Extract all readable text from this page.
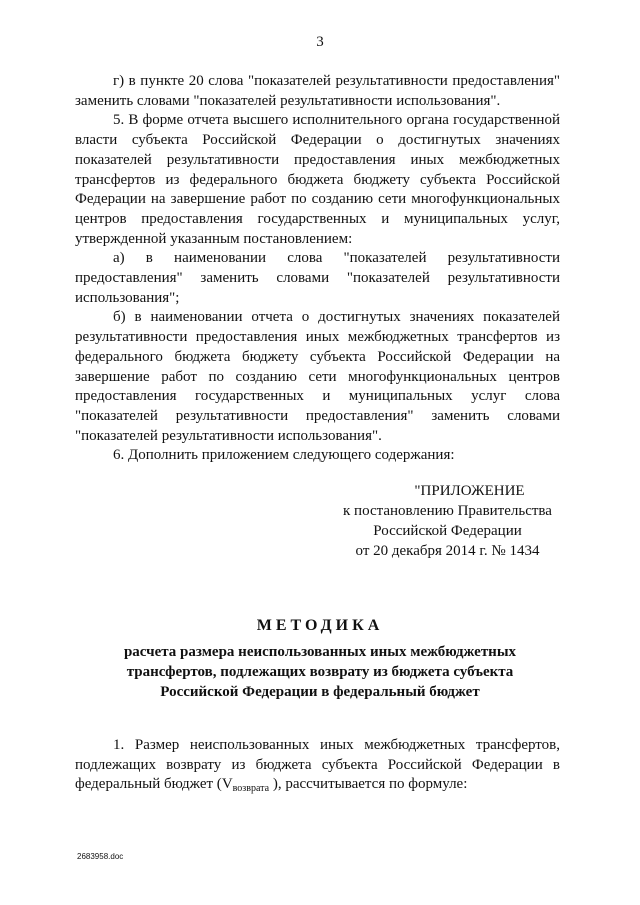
3

г) в пункте 20 слова "показателей результативности предоставления" заменить словами "показателей результативности использования".

5. В форме отчета высшего исполнительного органа государственной власти субъекта Российской Федерации о достигнутых значениях показателей результативности предоставления иных межбюджетных трансфертов из федерального бюджета бюджету субъекта Российской Федерации на завершение работ по созданию сети многофункциональных центров предоставления государственных и муниципальных услуг, утвержденной указанным постановлением:

а) в наименовании слова "показателей результативности предоставления" заменить словами "показателей результативности использования";

б) в наименовании отчета о достигнутых значениях показателей результативности предоставления иных межбюджетных трансфертов из федерального бюджета бюджету субъекта Российской Федерации на завершение работ по созданию сети многофункциональных центров предоставления государственных и муниципальных услуг слова "показателей результативности предоставления" заменить словами "показателей результативности использования".

6. Дополнить приложением следующего содержания:

"ПРИЛОЖЕНИЕ
к постановлению Правительства
Российской Федерации
от 20 декабря 2014 г. № 1434
МЕТОДИКА
расчета размера неиспользованных иных межбюджетных
трансфертов, подлежащих возврату из бюджета субъекта
Российской Федерации в федеральный бюджет

1. Размер неиспользованных иных межбюджетных трансфертов, подлежащих возврату из бюджета субъекта Российской Федерации в федеральный бюджет ($V_{возврата}$ ), рассчитывается по формуле:

2683958.doc
